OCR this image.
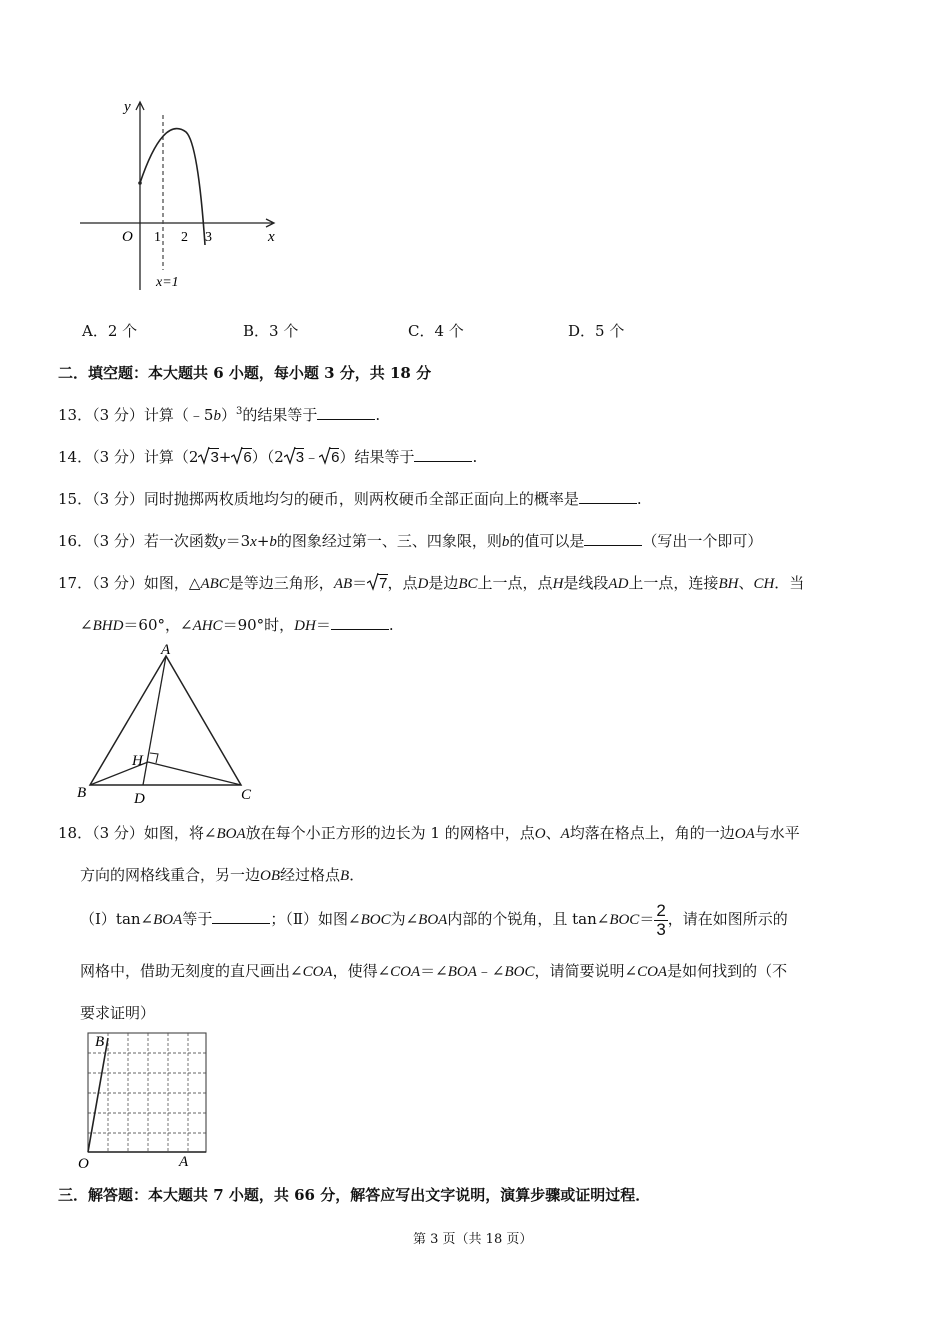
y
x
O 1 2 3
x=1
A．2 个	B．3 个	C．4 个	D．5 个
二．填空题：本大题共 6 小题，每小题 3 分，共 18 分
13．（3 分）计算（﹣5b）$^3$的结果等于	.
14．（3 分）计算（2 3+ 6）（2 3﹣ 6）结果等于	.
15．（3 分）同时抛掷两枚质地均匀的硬币，则两枚硬币全部正面向上的概率是	.
16．（3 分）若一次函数y＝3x+b的图象经过第一、三、四象限，则b的值可以是	（写出一个即可）
17．（3 分）如图，△ABC是等边三角形，AB＝ 7，点D是边BC上一点，点H是线段AD上一点，连接BH、CH．当
∠BHD＝60°，∠AHC＝90°时，DH＝	.
A
B	C
D
H
18．（3 分）如图，将∠BOA放在每个小正方形的边长为 1 的网格中，点O、A均落在格点上，角的一边OA与水平
方向的网格线重合，另一边OB经过格点B．
（Ⅰ）tan∠BOA等于	；（Ⅱ）如图∠BOC为∠BOA内部的个锐角，且 tan∠BOC＝ $\frac{2}{3}$ ，请在如图所示的
网格中，借助无刻度的直尺画出∠COA，使得∠COA＝∠BOA﹣∠BOC，请简要说明∠COA是如何找到的（不
要求证明）
B
O	A
三．解答题：本大题共 7 小题，共 66 分，解答应写出文字说明，演算步骤或证明过程．
第 3 页（共 18 页）
